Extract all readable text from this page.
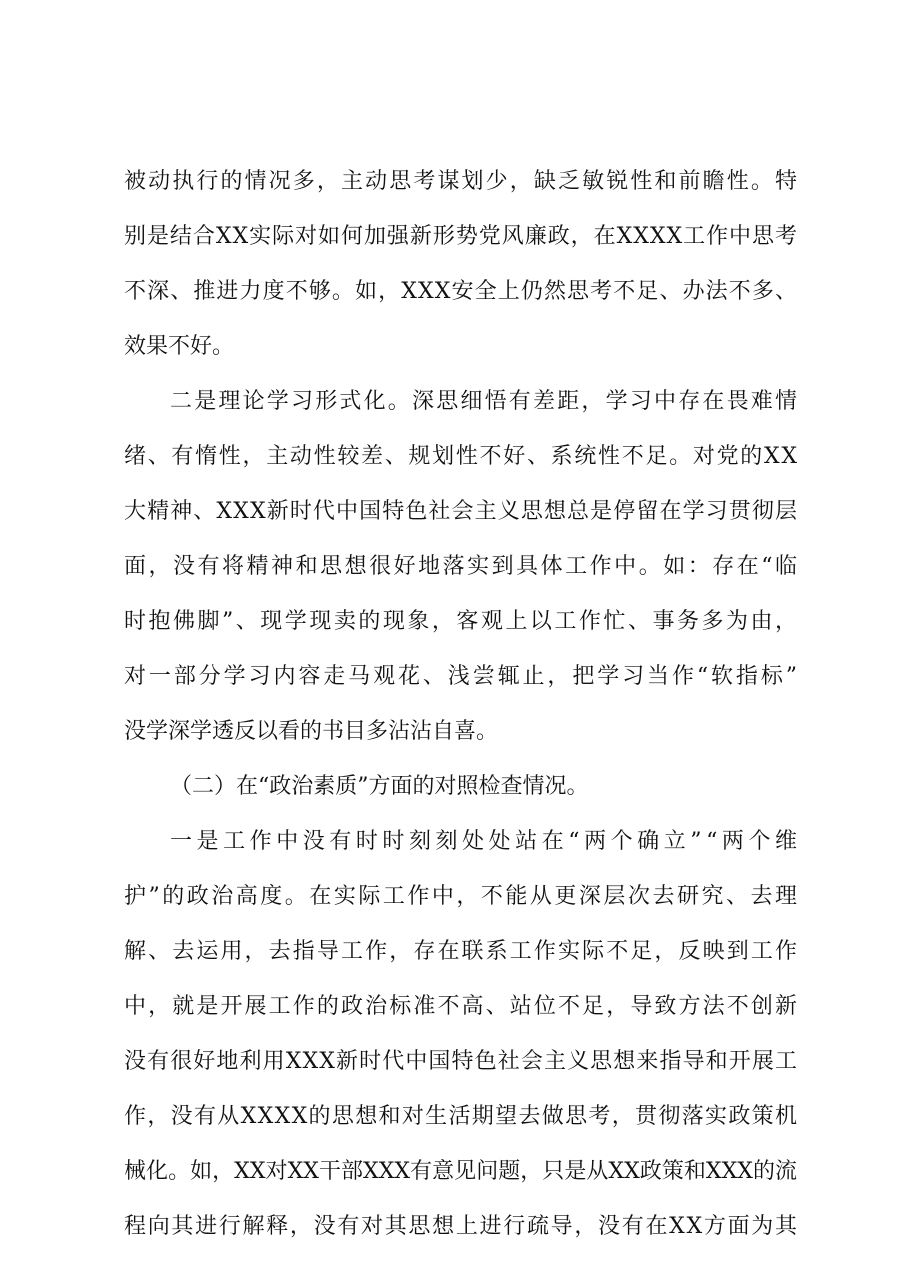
被动执行的情况多，主动思考谋划少，缺乏敏锐性和前瞻性。特
别是结合XX实际对如何加强新形势党风廉政，在XXXX工作中思考
不深、推进力度不够。如，XXX安全上仍然思考不足、办法不多、
效果不好。
二是理论学习形式化。深思细悟有差距，学习中存在畏难情
绪、有惰性，主动性较差、规划性不好、系统性不足。对党的XX
大精神、XXX新时代中国特色社会主义思想总是停留在学习贯彻层
面，没有将精神和思想很好地落实到具体工作中。如：存在“临
时抱佛脚”、现学现卖的现象，客观上以工作忙、事务多为由，
对一部分学习内容走马观花、浅尝辄止，把学习当作“软指标”
没学深学透反以看的书目多沾沾自喜。
（二）在“政治素质”方面的对照检查情况。
一是工作中没有时时刻刻处处站在“两个确立”“两个维
护”的政治高度。在实际工作中，不能从更深层次去研究、去理
解、去运用，去指导工作，存在联系工作实际不足，反映到工作
中，就是开展工作的政治标准不高、站位不足，导致方法不创新
没有很好地利用XXX新时代中国特色社会主义思想来指导和开展工
作，没有从XXXX的思想和对生活期望去做思考，贯彻落实政策机
械化。如，XX对XX干部XXX有意见问题，只是从XX政策和XXX的流
程向其进行解释，没有对其思想上进行疏导，没有在XX方面为其
